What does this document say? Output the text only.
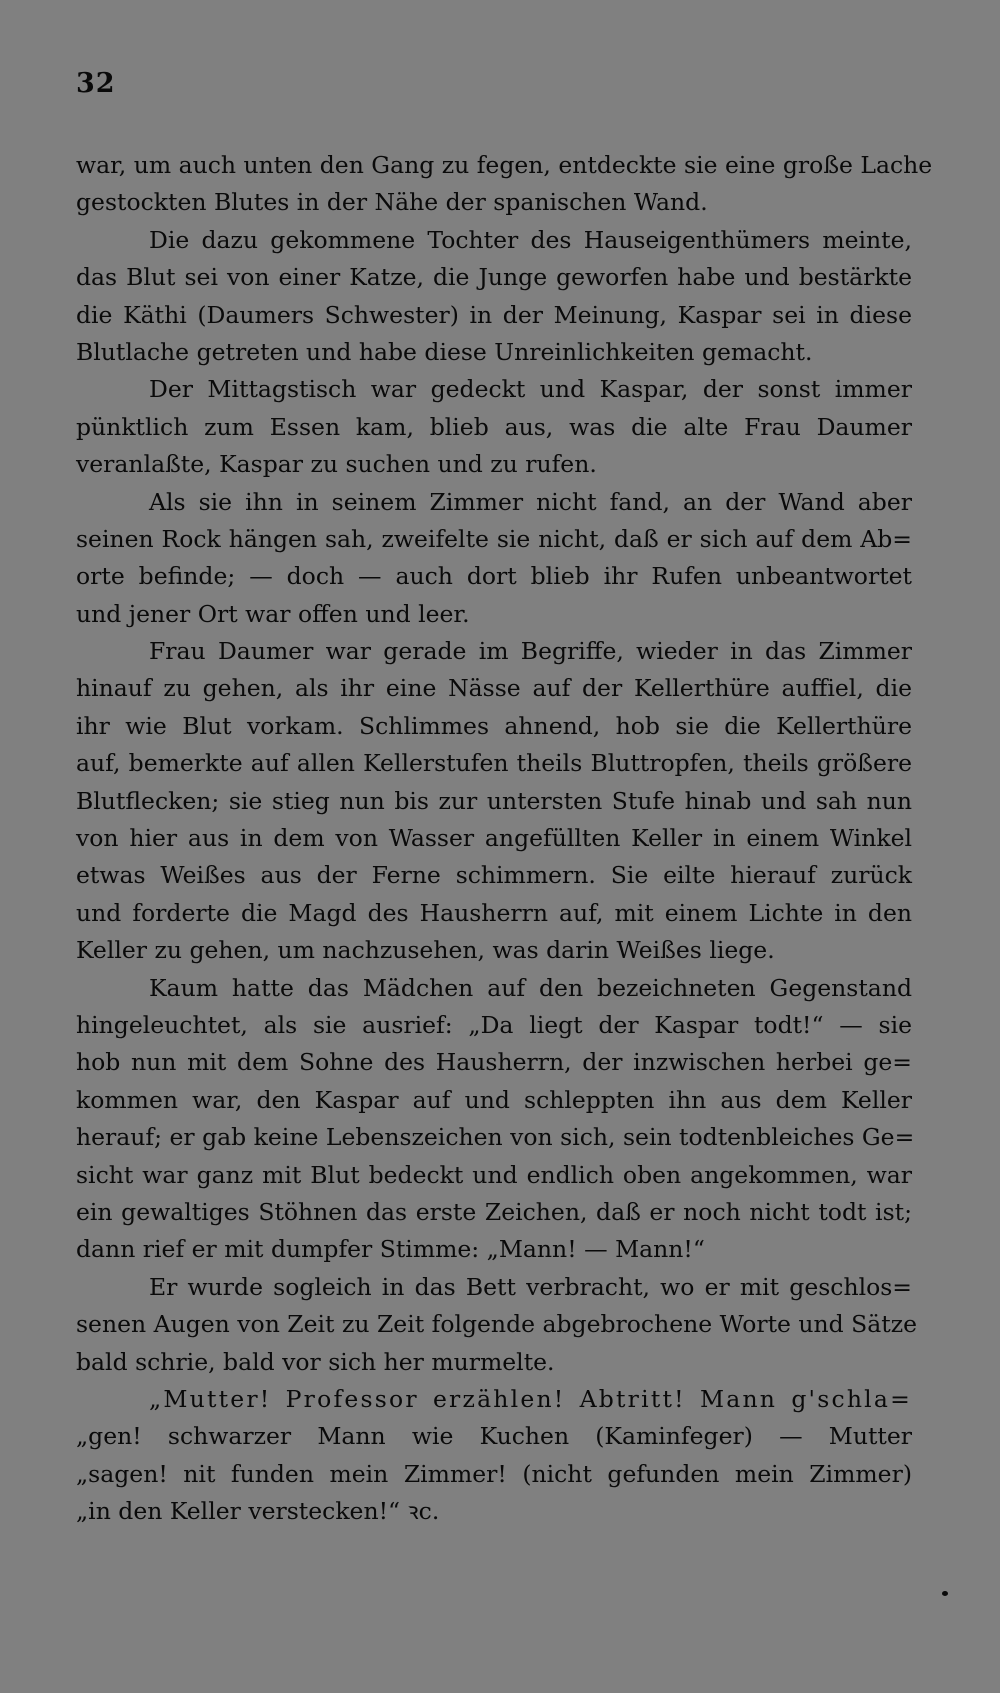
32
war, um auch unten den Gang zu fegen, entdeckte sie eine große Lache
gestockten Blutes in der Nähe der spanischen Wand.
Die dazu gekommene Tochter des Hauseigenthümers meinte,
das Blut sei von einer Katze, die Junge geworfen habe und bestärkte
die Käthi (Daumers Schwester) in der Meinung, Kaspar sei in diese
Blutlache getreten und habe diese Unreinlichkeiten gemacht.
Der Mittagstisch war gedeckt und Kaspar, der sonst immer
pünktlich zum Essen kam, blieb aus, was die alte Frau Daumer
veranlaßte, Kaspar zu suchen und zu rufen.
Als sie ihn in seinem Zimmer nicht fand, an der Wand aber
seinen Rock hängen sah, zweifelte sie nicht, daß er sich auf dem Ab=
orte befinde; — doch — auch dort blieb ihr Rufen unbeantwortet
und jener Ort war offen und leer.
Frau Daumer war gerade im Begriffe, wieder in das Zimmer
hinauf zu gehen, als ihr eine Nässe auf der Kellerthüre auffiel, die
ihr wie Blut vorkam. Schlimmes ahnend, hob sie die Kellerthüre
auf, bemerkte auf allen Kellerstufen theils Bluttropfen, theils größere
Blutflecken; sie stieg nun bis zur untersten Stufe hinab und sah nun
von hier aus in dem von Wasser angefüllten Keller in einem Winkel
etwas Weißes aus der Ferne schimmern. Sie eilte hierauf zurück
und forderte die Magd des Hausherrn auf, mit einem Lichte in den
Keller zu gehen, um nachzusehen, was darin Weißes liege.
Kaum hatte das Mädchen auf den bezeichneten Gegenstand
hingeleuchtet, als sie ausrief: „Da liegt der Kaspar todt!“ — sie
hob nun mit dem Sohne des Hausherrn, der inzwischen herbei ge=
kommen war, den Kaspar auf und schleppten ihn aus dem Keller
herauf; er gab keine Lebenszeichen von sich, sein todtenbleiches Ge=
sicht war ganz mit Blut bedeckt und endlich oben angekommen, war
ein gewaltiges Stöhnen das erste Zeichen, daß er noch nicht todt ist;
dann rief er mit dumpfer Stimme: „Mann! — Mann!“
Er wurde sogleich in das Bett verbracht, wo er mit geschlos=
senen Augen von Zeit zu Zeit folgende abgebrochene Worte und Sätze
bald schrie, bald vor sich her murmelte.
„Mutter! Professor erzählen! Abtritt! Mann g'schla=
„gen! schwarzer Mann wie Kuchen (Kaminfeger) — Mutter
„sagen! nit funden mein Zimmer! (nicht gefunden mein Zimmer)
„in den Keller verstecken!“ ꝛc.
